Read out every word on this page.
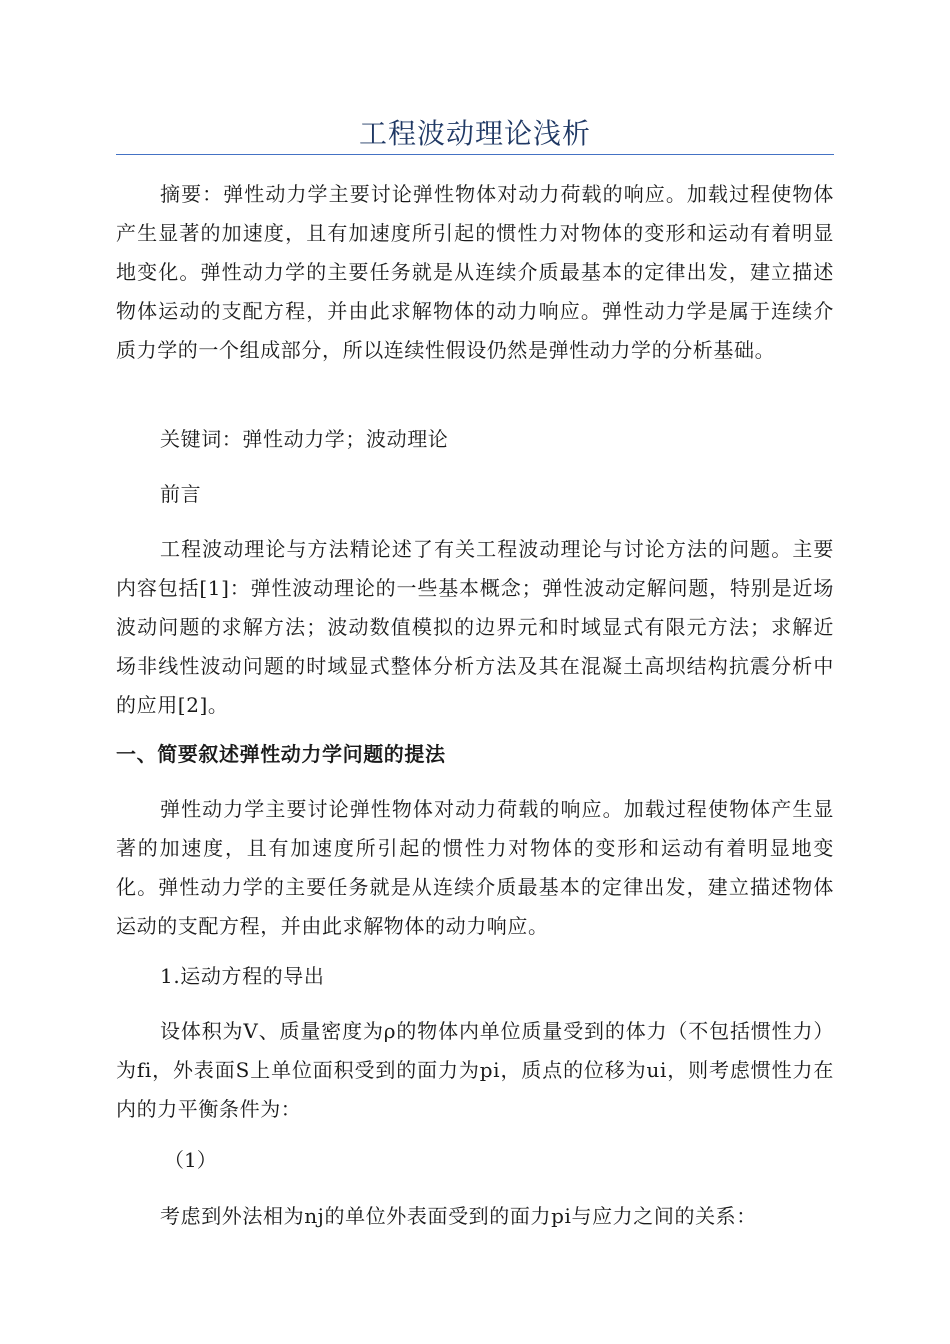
工程波动理论浅析

摘要：弹性动力学主要讨论弹性物体对动力荷载的响应。加载过程使物体产生显著的加速度，且有加速度所引起的惯性力对物体的变形和运动有着明显地变化。弹性动力学的主要任务就是从连续介质最基本的定律出发，建立描述物体运动的支配方程，并由此求解物体的动力响应。弹性动力学是属于连续介质力学的一个组成部分，所以连续性假设仍然是弹性动力学的分析基础。

关键词：弹性动力学；波动理论

前言

工程波动理论与方法精论述了有关工程波动理论与讨论方法的问题。主要内容包括[1]：弹性波动理论的一些基本概念；弹性波动定解问题，特别是近场波动问题的求解方法；波动数值模拟的边界元和时域显式有限元方法；求解近场非线性波动问题的时域显式整体分析方法及其在混凝土高坝结构抗震分析中的应用[2]。

一、简要叙述弹性动力学问题的提法

弹性动力学主要讨论弹性物体对动力荷载的响应。加载过程使物体产生显著的加速度，且有加速度所引起的惯性力对物体的变形和运动有着明显地变化。弹性动力学的主要任务就是从连续介质最基本的定律出发，建立描述物体运动的支配方程，并由此求解物体的动力响应。

1.运动方程的导出

设体积为V、质量密度为ρ的物体内单位质量受到的体力（不包括惯性力）为fi，外表面S上单位面积受到的面力为pi，质点的位移为ui，则考虑惯性力在内的力平衡条件为：

（1）

考虑到外法相为nj的单位外表面受到的面力pi与应力之间的关系：
